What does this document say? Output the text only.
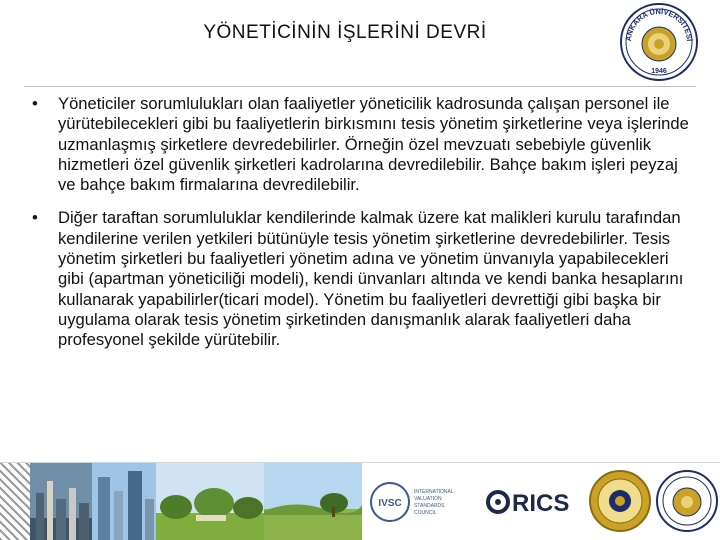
YÖNETİCİNİN İŞLERİNİ DEVRİ	ANKARA ÜNİVERSİTESİ
1946
• Yöneticiler sorumlulukları olan faaliyetler yöneticilik kadrosunda çalışan personel ile yürütebilecekleri gibi bu faaliyetlerin birkısmını tesis yönetim şirketlerine veya işlerinde uzmanlaşmış şirketlere devredebilirler. Örneğin özel mevzuatı sebebiyle güvenlik hizmetleri özel güvenlik şirketleri kadrolarına devredilebilir. Bahçe bakım işleri peyzaj ve bahçe bakım firmalarına devredilebilir.
• Diğer taraftan sorumluluklar kendilerinde kalmak üzere kat malikleri kurulu tarafından kendilerine verilen yetkileri bütünüyle tesis yönetim şirketlerine devredebilirler. Tesis yönetim şirketleri bu faaliyetleri yönetim adına ve yönetim ünvanıyla yapabilecekleri gibi (apartman yöneticiliği modeli), kendi ünvanları altında ve kendi banka hesaplarını kullanarak yapabilirler(ticari model). Yönetim bu faaliyetleri devrettiği gibi başka bir uygulama olarak tesis yönetim şirketinden danışmanlık alarak faaliyetleri daha profesyonel şekilde yürütebilir.
IVSC
INTERNATIONAL
VALUATION
STANDARDS
COUNCIL	RICS
